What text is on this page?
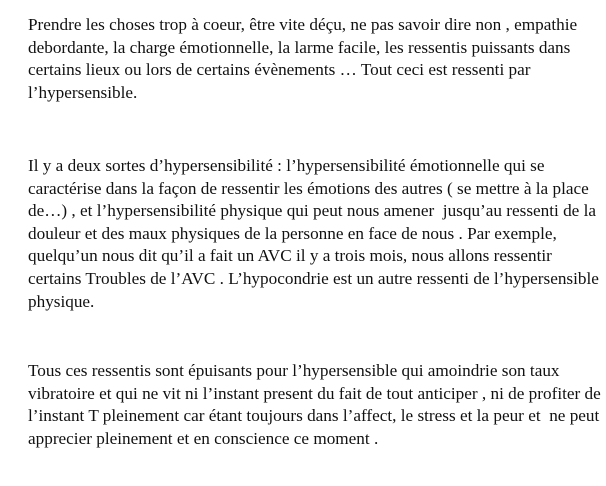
Prendre les choses trop à coeur, être vite déçu, ne pas savoir dire non , empathie
debordante, la charge émotionnelle, la larme facile, les ressentis puissants dans
certains lieux ou lors de certains évènements … Tout ceci est ressenti par
l’hypersensible.

Il y a deux sortes d’hypersensibilité : l’hypersensibilité émotionnelle qui se
caractérise dans la façon de ressentir les émotions des autres ( se mettre à la place
de…) , et l’hypersensibilité physique qui peut nous amener  jusqu’au ressenti de la
douleur et des maux physiques de la personne en face de nous . Par exemple,
quelqu’un nous dit qu’il a fait un AVC il y a trois mois, nous allons ressentir
certains Troubles de l’AVC . L’hypocondrie est un autre ressenti de l’hypersensible
physique.

Tous ces ressentis sont épuisants pour l’hypersensible qui amoindrie son taux
vibratoire et qui ne vit ni l’instant present du fait de tout anticiper , ni de profiter de
l’instant T pleinement car étant toujours dans l’affect, le stress et la peur et  ne peut
apprecier pleinement et en conscience ce moment .
